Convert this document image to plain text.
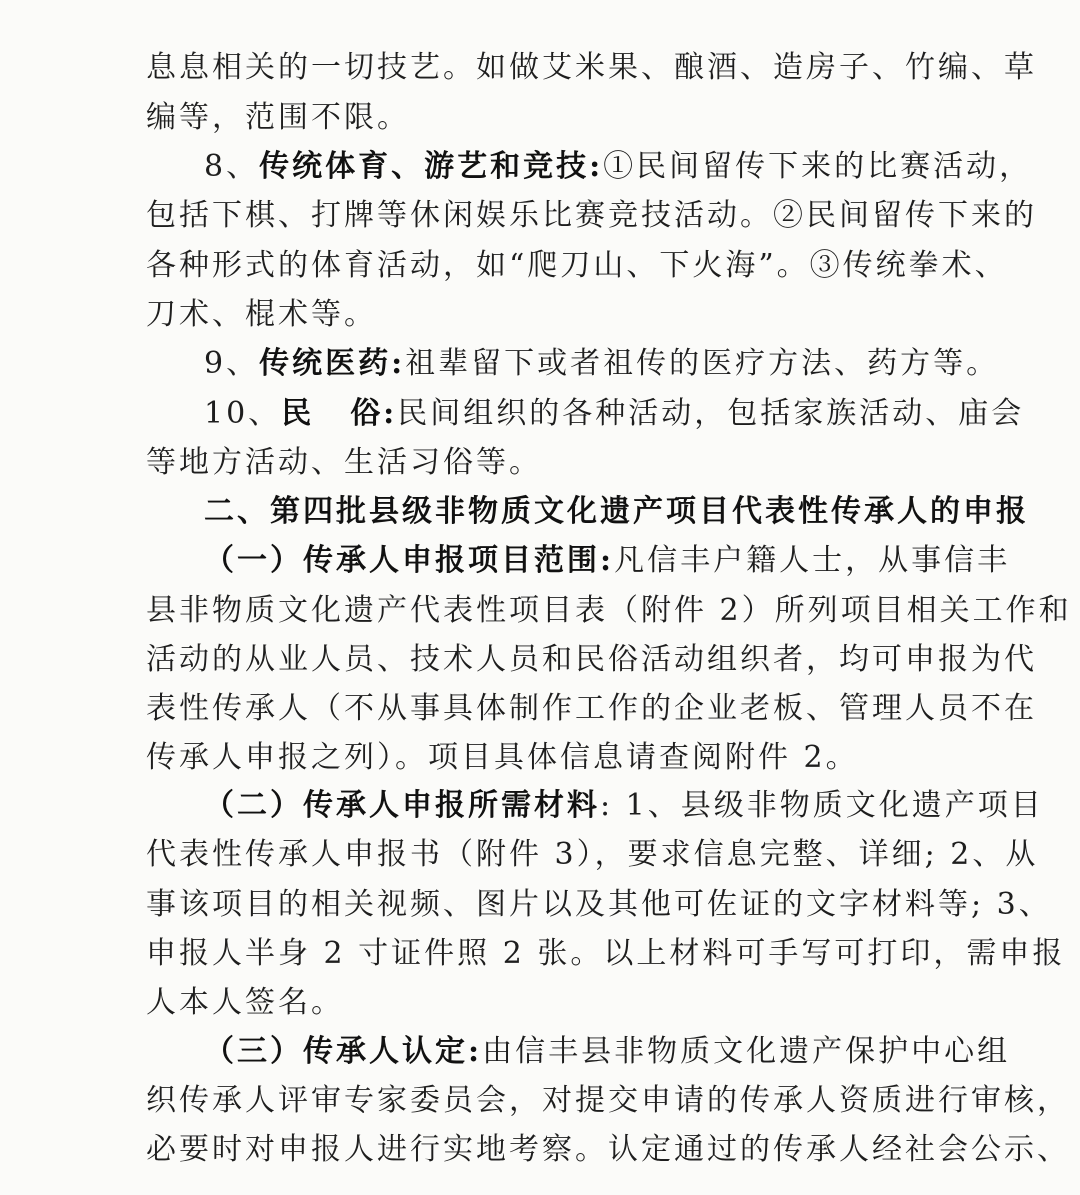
息息相关的一切技艺。如做艾米果、酿酒、造房子、竹编、草
编等，范围不限。
8、传统体育、游艺和竞技:①民间留传下来的比赛活动，
包括下棋、打牌等休闲娱乐比赛竞技活动。②民间留传下来的
各种形式的体育活动，如“爬刀山、下火海”。③传统拳术、
刀术、棍术等。
9、传统医药:祖辈留下或者祖传的医疗方法、药方等。
10、民 俗:民间组织的各种活动，包括家族活动、庙会
等地方活动、生活习俗等。
二、第四批县级非物质文化遗产项目代表性传承人的申报
（一）传承人申报项目范围:凡信丰户籍人士，从事信丰
县非物质文化遗产代表性项目表（附件 2）所列项目相关工作和
活动的从业人员、技术人员和民俗活动组织者，均可申报为代
表性传承人（不从事具体制作工作的企业老板、管理人员不在
传承人申报之列）。项目具体信息请查阅附件 2。
（二）传承人申报所需材料: 1、县级非物质文化遗产项目
代表性传承人申报书（附件 3），要求信息完整、详细; 2、从
事该项目的相关视频、图片以及其他可佐证的文字材料等; 3、
申报人半身 2 寸证件照 2 张。以上材料可手写可打印，需申报
人本人签名。
（三）传承人认定:由信丰县非物质文化遗产保护中心组
织传承人评审专家委员会，对提交申请的传承人资质进行审核，
必要时对申报人进行实地考察。认定通过的传承人经社会公示、
